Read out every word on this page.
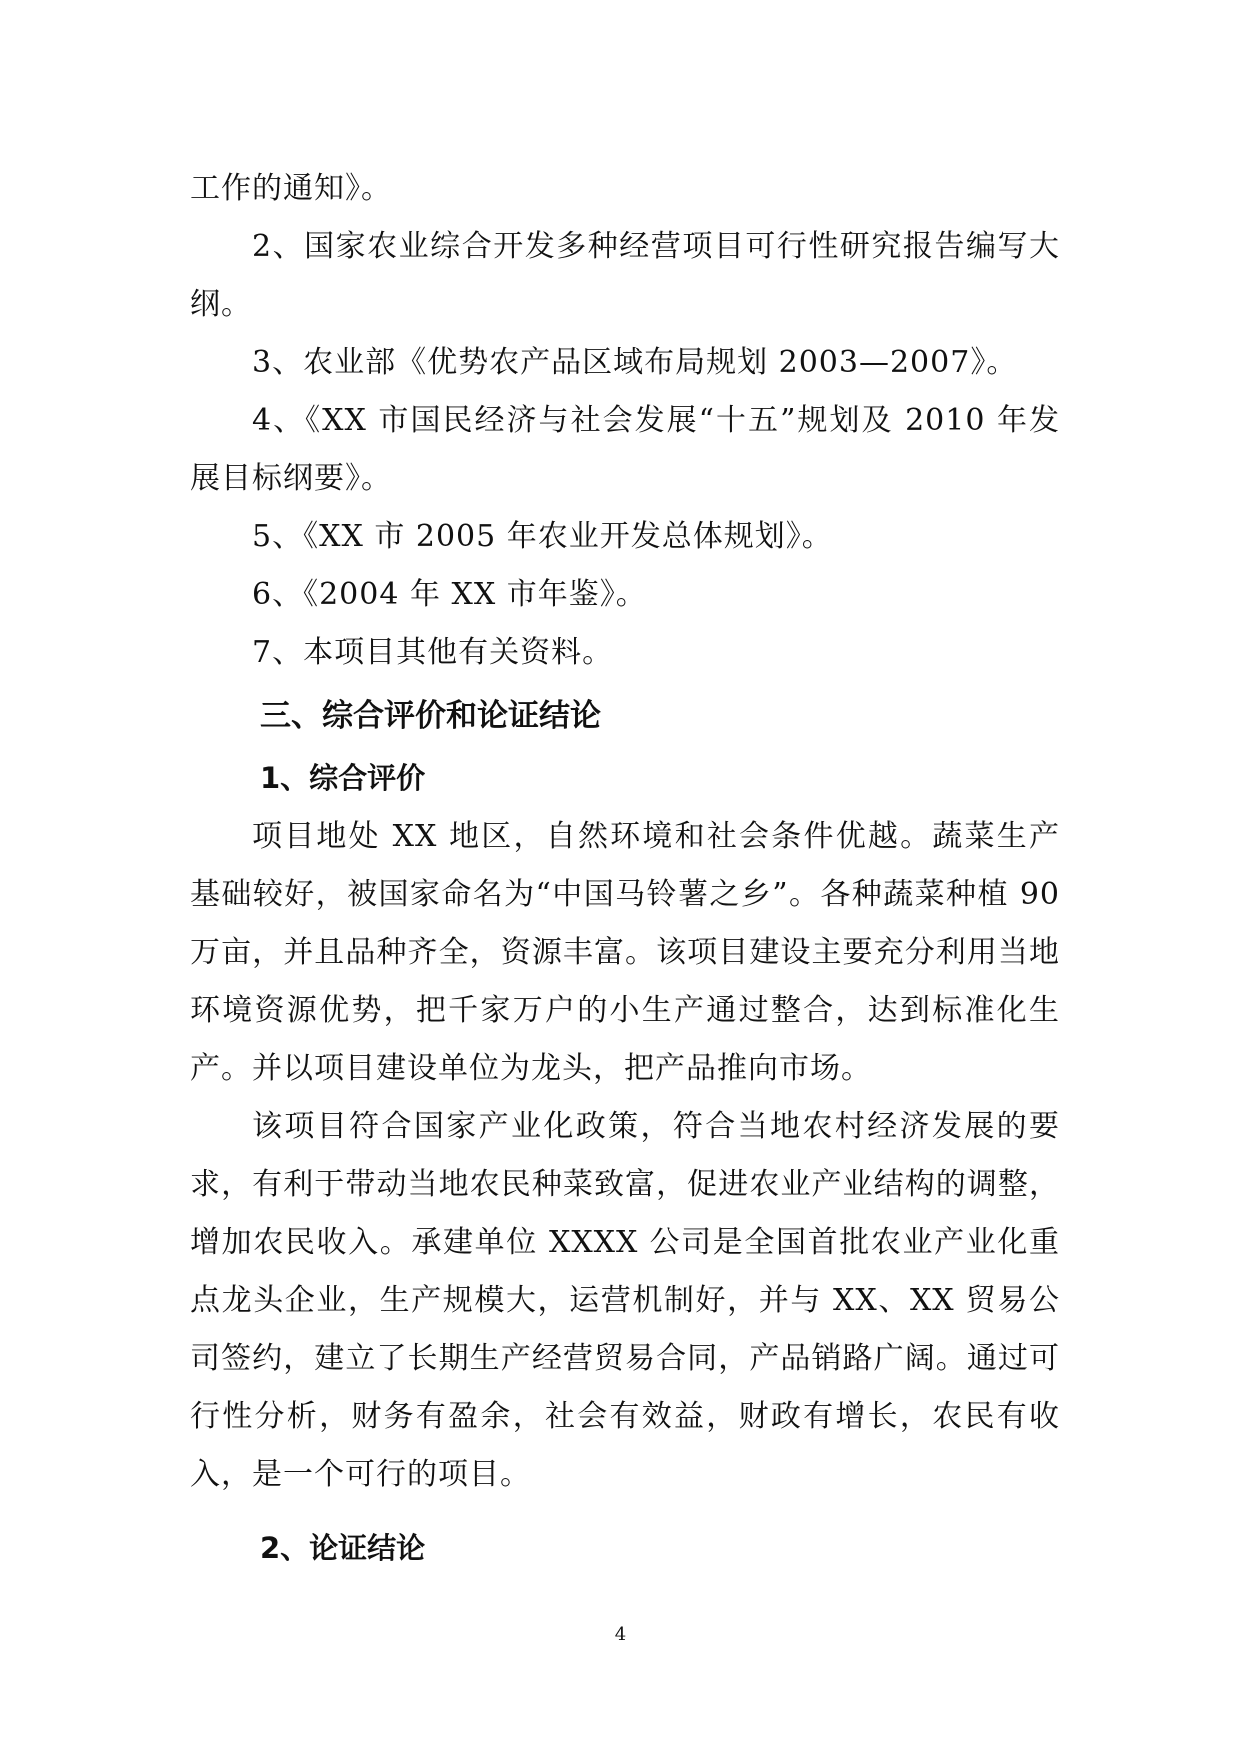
工作的通知》。

2、国家农业综合开发多种经营项目可行性研究报告编写大纲。

3、农业部《优势农产品区域布局规划 2003—2007》。

4、《XX 市国民经济与社会发展“十五”规划及 2010 年发展目标纲要》。

5、《XX 市 2005 年农业开发总体规划》。

6、《2004 年 XX 市年鉴》。

7、本项目其他有关资料。

三、综合评价和论证结论
1、综合评价

项目地处 XX 地区，自然环境和社会条件优越。蔬菜生产基础较好，被国家命名为“中国马铃薯之乡”。各种蔬菜种植 90 万亩，并且品种齐全，资源丰富。该项目建设主要充分利用当地环境资源优势，把千家万户的小生产通过整合，达到标准化生产。并以项目建设单位为龙头，把产品推向市场。

该项目符合国家产业化政策，符合当地农村经济发展的要求，有利于带动当地农民种菜致富，促进农业产业结构的调整，增加农民收入。承建单位 XXXX 公司是全国首批农业产业化重点龙头企业，生产规模大，运营机制好，并与 XX、XX 贸易公司签约，建立了长期生产经营贸易合同，产品销路广阔。通过可行性分析，财务有盈余，社会有效益，财政有增长，农民有收入，是一个可行的项目。

2、论证结论
4
